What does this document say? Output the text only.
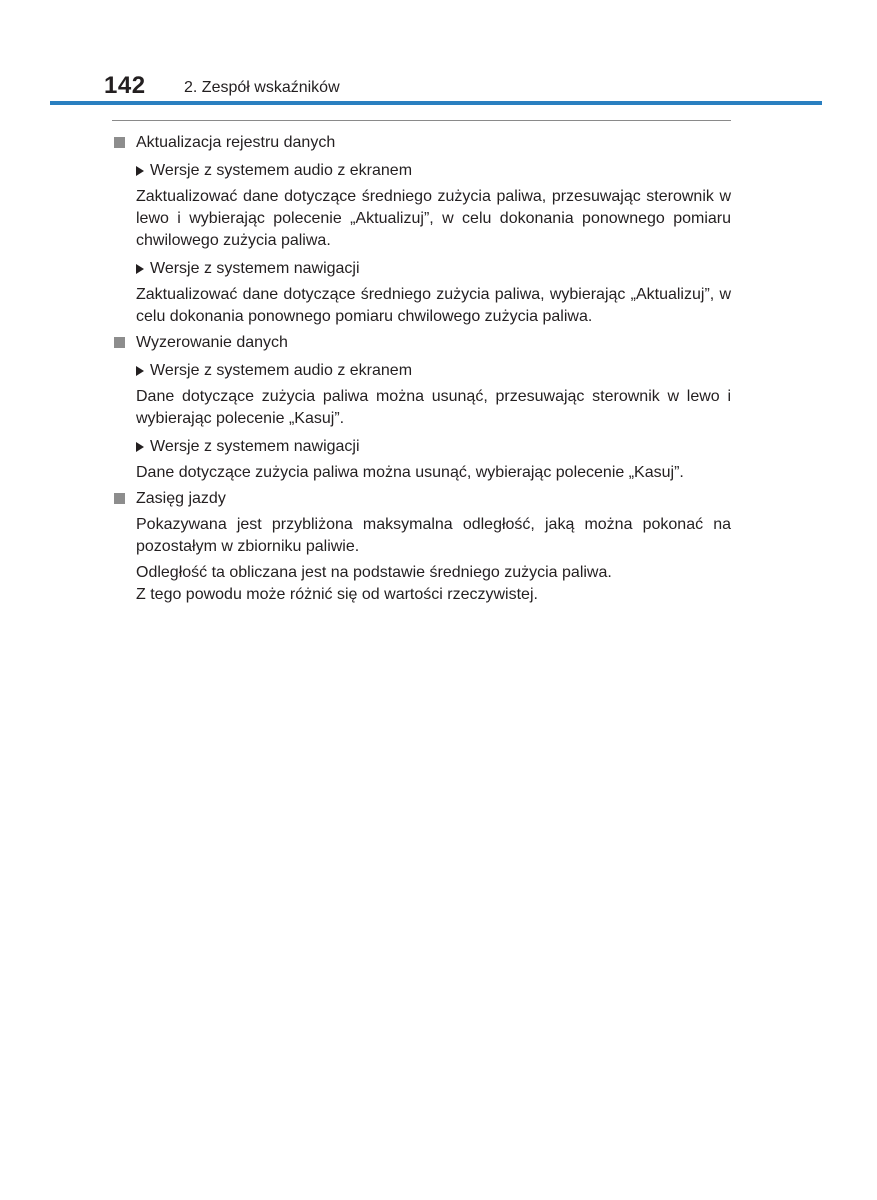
142 2. Zespół wskaźników
Aktualizacja rejestru danych
Wersje z systemem audio z ekranem
Zaktualizować dane dotyczące średniego zużycia paliwa, przesuwając sterownik w lewo i wybierając polecenie „Aktualizuj”, w celu dokonania ponownego pomiaru chwilowego zużycia paliwa.
Wersje z systemem nawigacji
Zaktualizować dane dotyczące średniego zużycia paliwa, wybierając „Aktualizuj”, w celu dokonania ponownego pomiaru chwilowego zużycia paliwa.
Wyzerowanie danych
Wersje z systemem audio z ekranem
Dane dotyczące zużycia paliwa można usunąć, przesuwając sterownik w lewo i wybierając polecenie „Kasuj”.
Wersje z systemem nawigacji
Dane dotyczące zużycia paliwa można usunąć, wybierając polecenie „Kasuj”.
Zasięg jazdy
Pokazywana jest przybliżona maksymalna odległość, jaką można pokonać na pozostałym w zbiorniku paliwie.
Odległość ta obliczana jest na podstawie średniego zużycia paliwa.
Z tego powodu może różnić się od wartości rzeczywistej.
